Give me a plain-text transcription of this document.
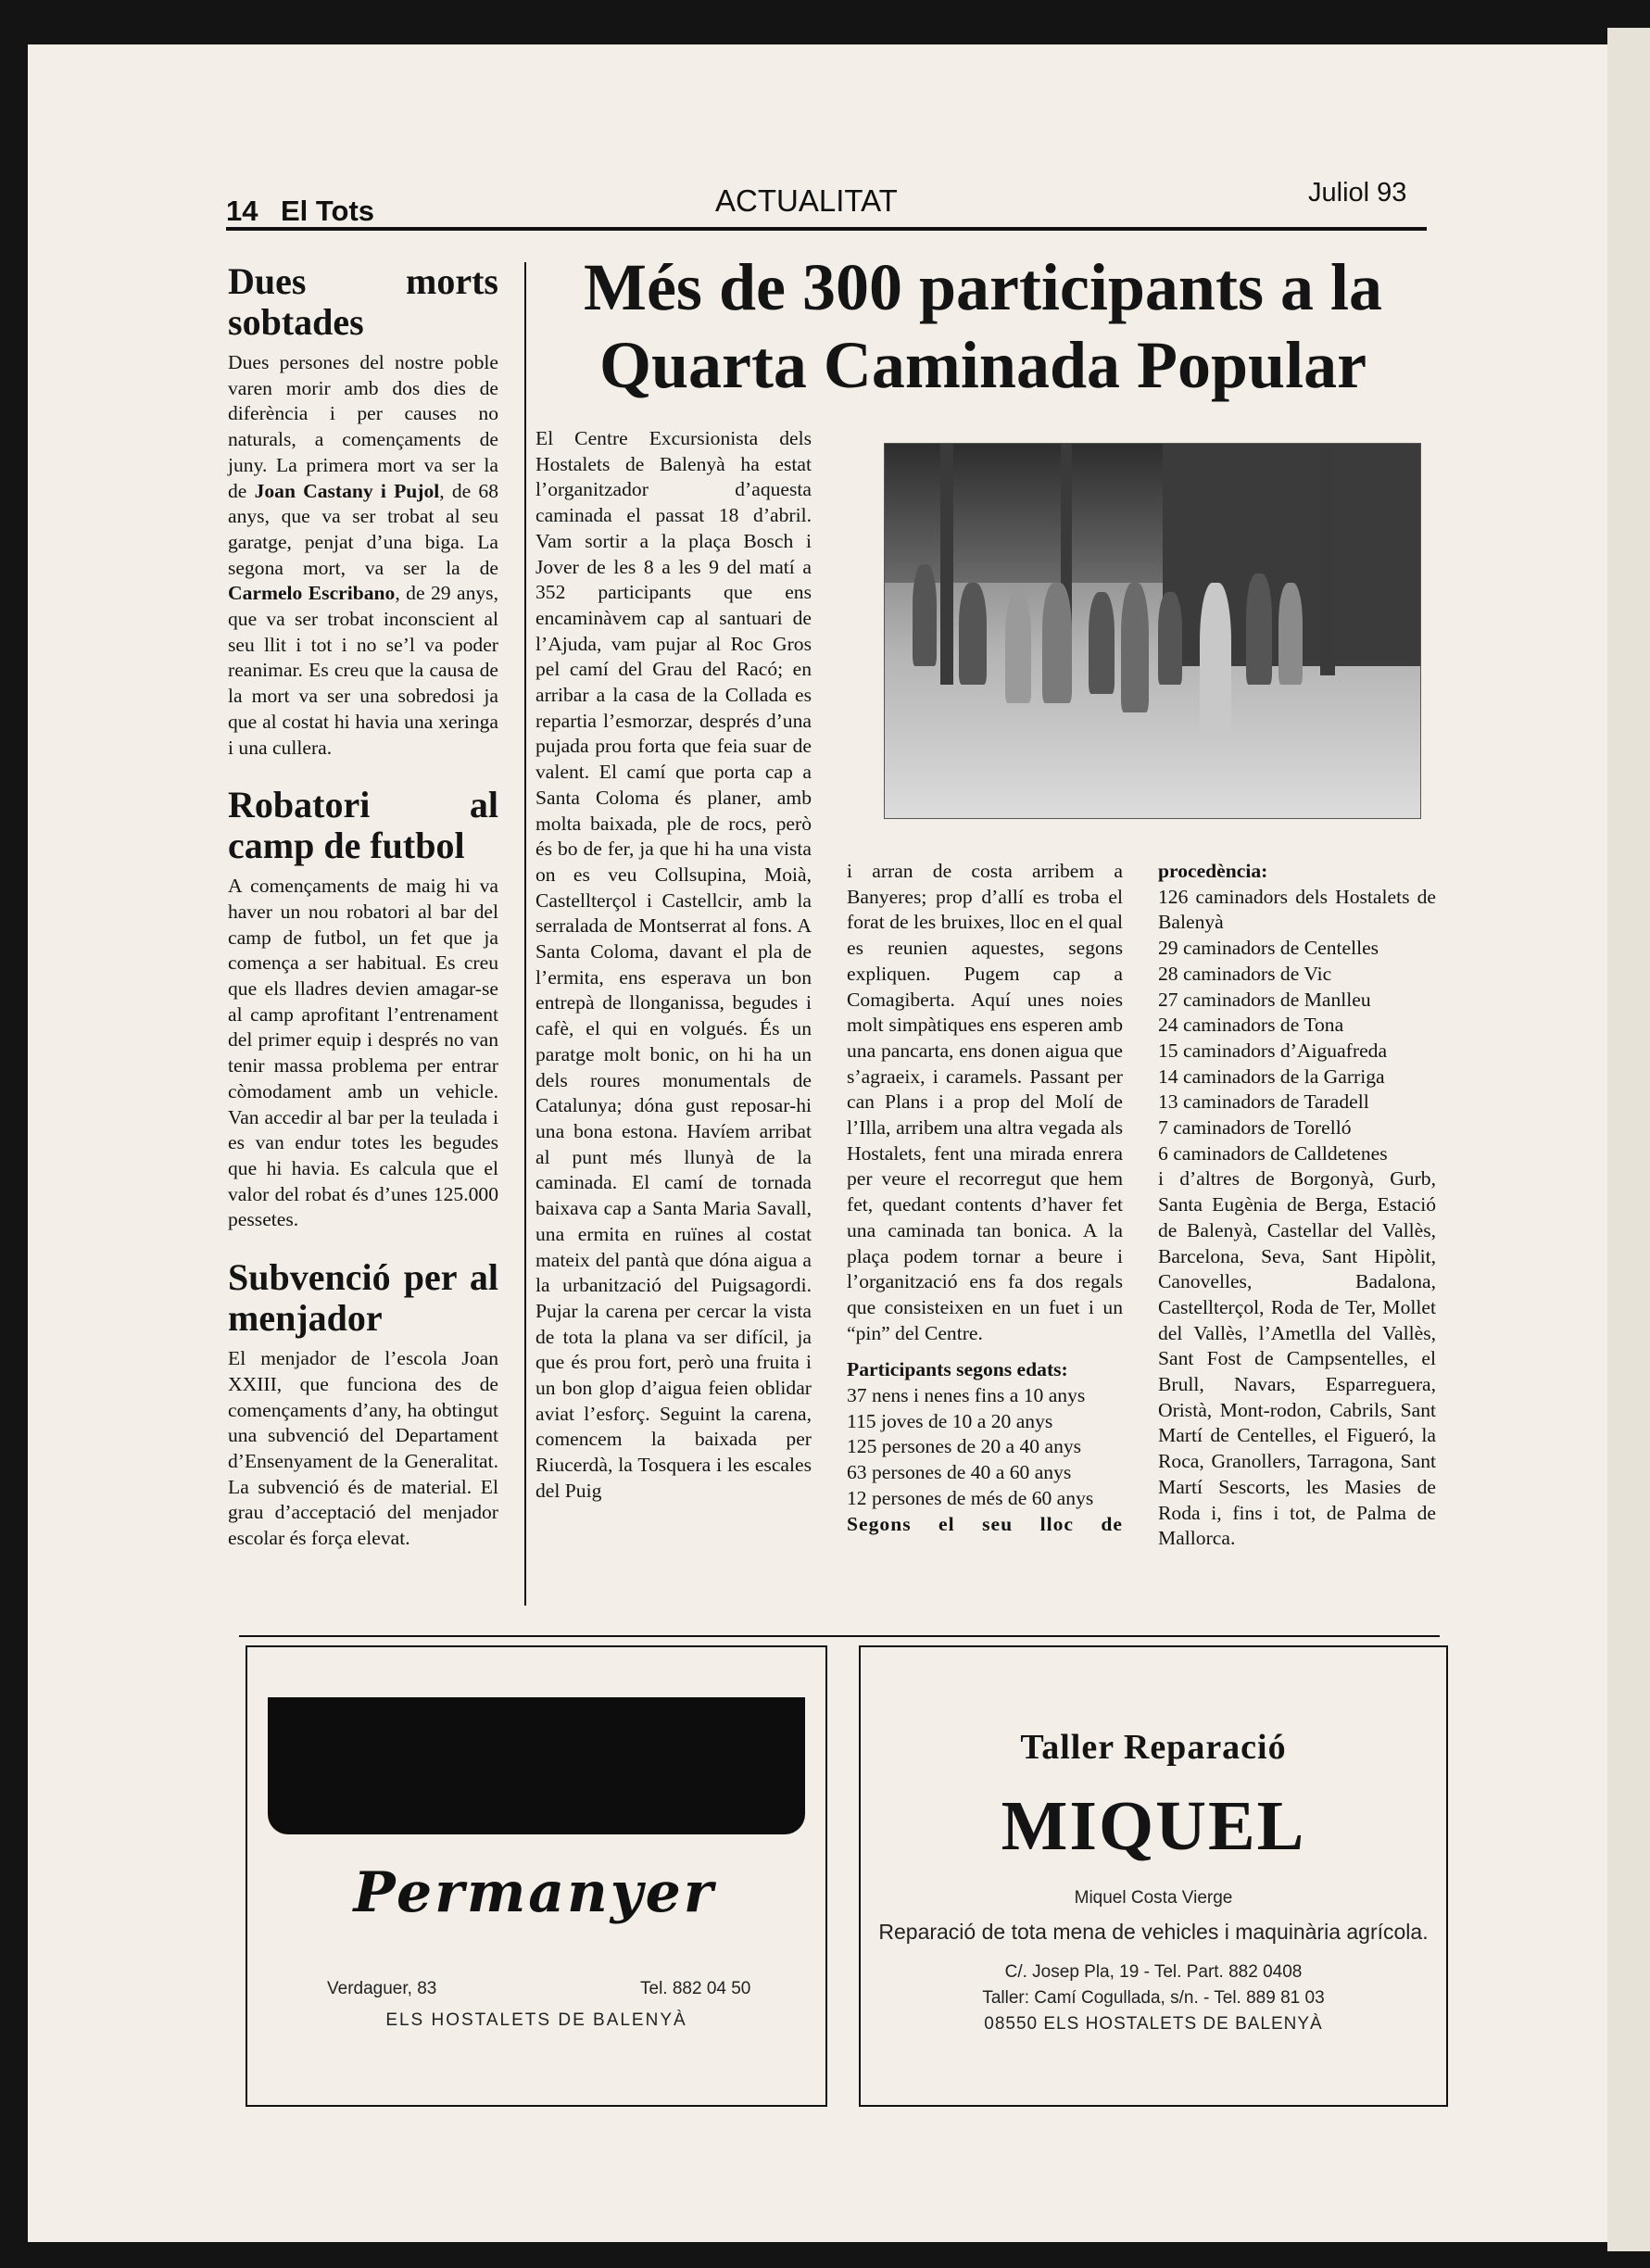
14 El Tots	ACTUALITAT	Juliol 93
Dues morts sobtades

Dues persones del nostre poble varen morir amb dos dies de diferència i per causes no naturals, a començaments de juny. La primera mort va ser la de Joan Castany i Pujol, de 68 anys, que va ser trobat al seu garatge, penjat d’una biga. La segona mort, va ser la de Carmelo Escribano, de 29 anys, que va ser trobat inconscient al seu llit i tot i no se’l va poder reanimar. Es creu que la causa de la mort va ser una sobredosi ja que al costat hi havia una xeringa i una cullera.

Robatori al camp de futbol

A començaments de maig hi va haver un nou robatori al bar del camp de futbol, un fet que ja comença a ser habitual. Es creu que els lladres devien amagar-se al camp aprofitant l’entrenament del primer equip i després no van tenir massa problema per entrar còmodament amb un vehicle. Van accedir al bar per la teulada i es van endur totes les begudes que hi havia. Es calcula que el valor del robat és d’unes 125.000 pessetes.

Subvenció per al menjador

El menjador de l’escola Joan XXIII, que funciona des de començaments d’any, ha obtingut una subvenció del Departament d’Ensenyament de la Generalitat. La subvenció és de material. El grau d’acceptació del menjador escolar és força elevat.

Més de 300 participants a la Quarta Caminada Popular
El Centre Excursionista dels Hostalets de Balenyà ha estat l’organitzador d’aquesta caminada el passat 18 d’abril. Vam sortir a la plaça Bosch i Jover de les 8 a les 9 del matí a 352 participants que ens encaminàvem cap al santuari de l’Ajuda, vam pujar al Roc Gros pel camí del Grau del Racó; en arribar a la casa de la Collada es repartia l’esmorzar, després d’una pujada prou forta que feia suar de valent. El camí que porta cap a Santa Coloma és planer, amb molta baixada, ple de rocs, però és bo de fer, ja que hi ha una vista on es veu Collsupina, Moià, Castellterçol i Castellcir, amb la serralada de Montserrat al fons. A Santa Coloma, davant el pla de l’ermita, ens esperava un bon entrepà de llonganissa, begudes i cafè, el qui en volgués. És un paratge molt bonic, on hi ha un dels roures monumentals de Catalunya; dóna gust reposar-hi una bona estona. Havíem arribat al punt més llunyà de la caminada. El camí de tornada baixava cap a Santa Maria Savall, una ermita en ruïnes al costat mateix del pantà que dóna aigua a la urbanització del Puigsagordi. Pujar la carena per cercar la vista de tota la plana va ser difícil, ja que és prou fort, però una fruita i un bon glop d’aigua feien oblidar aviat l’esforç. Seguint la carena, comencem la baixada per Riucerdà, la Tosquera i les escales del Puig

i arran de costa arribem a Banyeres; prop d’allí es troba el forat de les bruixes, lloc en el qual es reunien aquestes, segons expliquen. Pugem cap a Comagiberta. Aquí unes noies molt simpàtiques ens esperen amb una pancarta, ens donen aigua que s’agraeix, i caramels. Passant per can Plans i a prop del Molí de l’Illa, arribem una altra vegada als Hostalets, fent una mirada enrera per veure el recorregut que hem fet, quedant contents d’haver fet una caminada tan bonica. A la plaça podem tornar a beure i l’organització ens fa dos regals que consisteixen en un fuet i un “pin” del Centre.

Participants segons edats:

37 nens i nenes fins a 10 anys
115 joves de 10 a 20 anys
125 persones de 20 a 40 anys
63 persones de 40 a 60 anys
12 persones de més de 60 anys

Segons el seu lloc de

procedència:

126 caminadors dels Hostalets de Balenyà
29 caminadors de Centelles
28 caminadors de Vic
27 caminadors de Manlleu
24 caminadors de Tona
15 caminadors d’Aiguafreda
14 caminadors de la Garriga
13 caminadors de Taradell
7 caminadors de Torelló
6 caminadors de Calldetenes

i d’altres de Borgonyà, Gurb, Santa Eugènia de Berga, Estació de Balenyà, Castellar del Vallès, Barcelona, Seva, Sant Hipòlit, Canovelles, Badalona, Castellterçol, Roda de Ter, Mollet del Vallès, l’Ametlla del Vallès, Sant Fost de Campsentelles, el Brull, Navars, Esparreguera, Oristà, Mont-rodon, Cabrils, Sant Martí de Centelles, el Figueró, la Roca, Granollers, Tarragona, Sant Martí Sescorts, les Masies de Roda i, fins i tot, de Palma de Mallorca.

Permanyer
Verdaguer, 83	Tel. 882 04 50
ELS HOSTALETS DE BALENYÀ
Taller Reparació
MIQUEL
Miquel Costa Vierge
Reparació de tota mena de vehicles i maquinària agrícola.
C/. Josep Pla, 19 - Tel. Part. 882 0408
Taller: Camí Cogullada, s/n. - Tel. 889 81 03
08550 ELS HOSTALETS DE BALENYÀ
